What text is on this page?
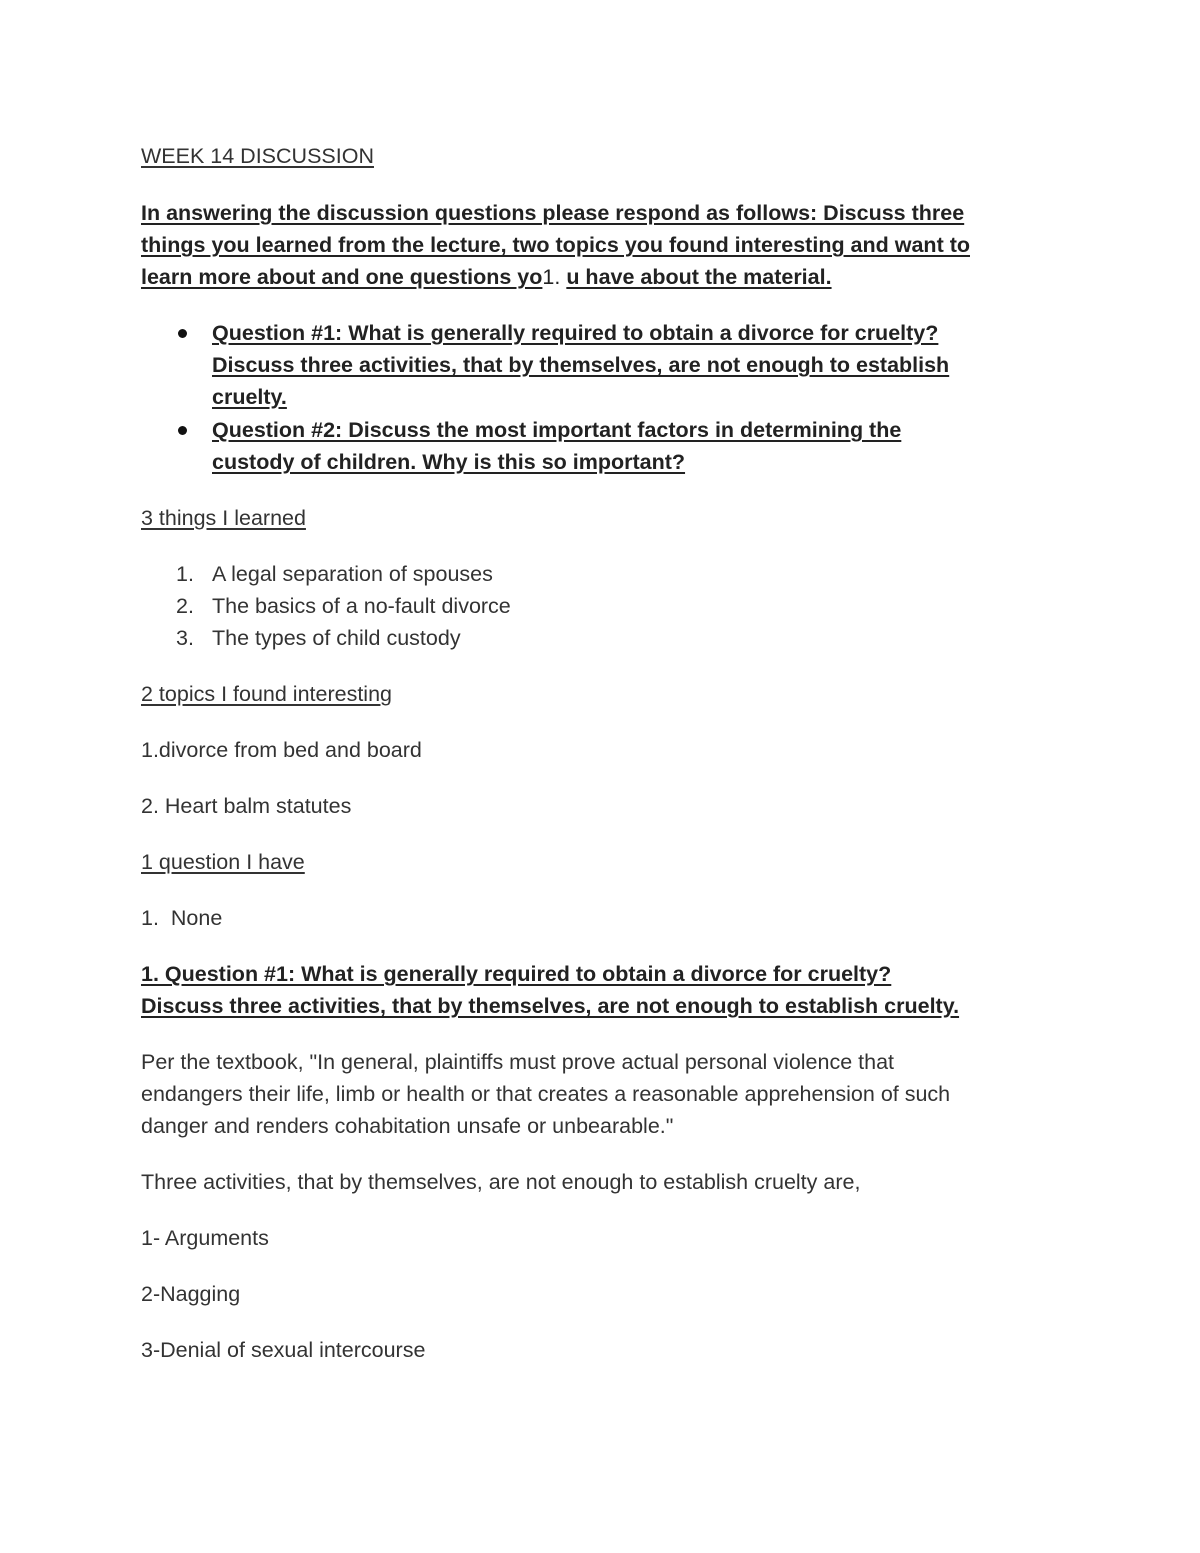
WEEK 14 DISCUSSION
In answering the discussion questions please respond as follows: Discuss three
things you learned from the lecture, two topics you found interesting and want to
learn more about and one questions yo1. u have about the material.
Question #1: What is generally required to obtain a divorce for cruelty?
Discuss three activities, that by themselves, are not enough to establish
cruelty.
Question #2: Discuss the most important factors in determining the
custody of children. Why is this so important?
3 things I learned
1. A legal separation of spouses
2. The basics of a no-fault divorce
3. The types of child custody
2 topics I found interesting
1.divorce from bed and board
2. Heart balm statutes
1 question I have
1.  None
1. Question #1: What is generally required to obtain a divorce for cruelty?
Discuss three activities, that by themselves, are not enough to establish cruelty.
Per the textbook, "In general, plaintiffs must prove actual personal violence that
endangers their life, limb or health or that creates a reasonable apprehension of such
danger and renders cohabitation unsafe or unbearable."
Three activities, that by themselves, are not enough to establish cruelty are,
1- Arguments
2-Nagging
3-Denial of sexual intercourse
